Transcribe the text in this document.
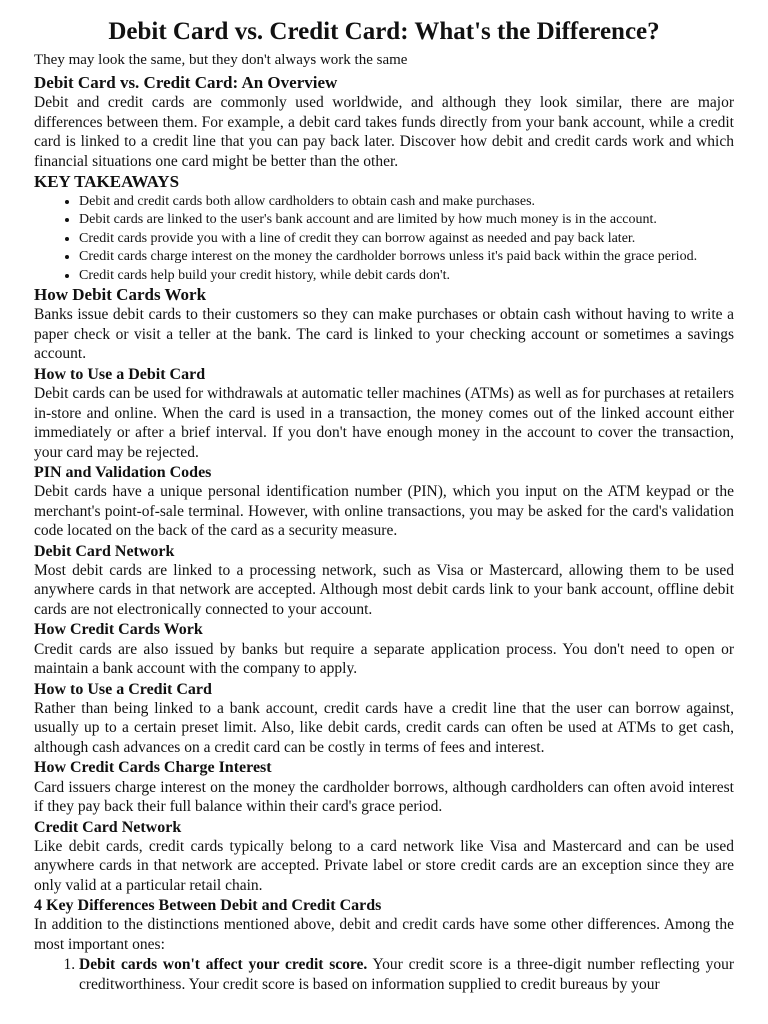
Debit Card vs. Credit Card: What's the Difference?
They may look the same, but they don't always work the same
Debit Card vs. Credit Card: An Overview

Debit and credit cards are commonly used worldwide, and although they look similar, there are major differences between them. For example, a debit card takes funds directly from your bank account, while a credit card is linked to a credit line that you can pay back later. Discover how debit and credit cards work and which financial situations one card might be better than the other.

KEY TAKEAWAYS
• Debit and credit cards both allow cardholders to obtain cash and make purchases.
• Debit cards are linked to the user's bank account and are limited by how much money is in the account.
• Credit cards provide you with a line of credit they can borrow against as needed and pay back later.
• Credit cards charge interest on the money the cardholder borrows unless it's paid back within the grace period.
• Credit cards help build your credit history, while debit cards don't.
How Debit Cards Work

Banks issue debit cards to their customers so they can make purchases or obtain cash without having to write a paper check or visit a teller at the bank. The card is linked to your checking account or sometimes a savings account.

How to Use a Debit Card

Debit cards can be used for withdrawals at automatic teller machines (ATMs) as well as for purchases at retailers in-store and online. When the card is used in a transaction, the money comes out of the linked account either immediately or after a brief interval. If you don't have enough money in the account to cover the transaction, your card may be rejected.

PIN and Validation Codes

Debit cards have a unique personal identification number (PIN), which you input on the ATM keypad or the merchant's point-of-sale terminal. However, with online transactions, you may be asked for the card's validation code located on the back of the card as a security measure.

Debit Card Network

Most debit cards are linked to a processing network, such as Visa or Mastercard, allowing them to be used anywhere cards in that network are accepted. Although most debit cards link to your bank account, offline debit cards are not electronically connected to your account.

How Credit Cards Work

Credit cards are also issued by banks but require a separate application process. You don't need to open or maintain a bank account with the company to apply.

How to Use a Credit Card

Rather than being linked to a bank account, credit cards have a credit line that the user can borrow against, usually up to a certain preset limit. Also, like debit cards, credit cards can often be used at ATMs to get cash, although cash advances on a credit card can be costly in terms of fees and interest.

How Credit Cards Charge Interest

Card issuers charge interest on the money the cardholder borrows, although cardholders can often avoid interest if they pay back their full balance within their card's grace period.

Credit Card Network

Like debit cards, credit cards typically belong to a card network like Visa and Mastercard and can be used anywhere cards in that network are accepted. Private label or store credit cards are an exception since they are only valid at a particular retail chain.

4 Key Differences Between Debit and Credit Cards

In addition to the distinctions mentioned above, debit and credit cards have some other differences. Among the most important ones:

1. Debit cards won't affect your credit score. Your credit score is a three-digit number reflecting your creditworthiness. Your credit score is based on information supplied to credit bureaus by your
